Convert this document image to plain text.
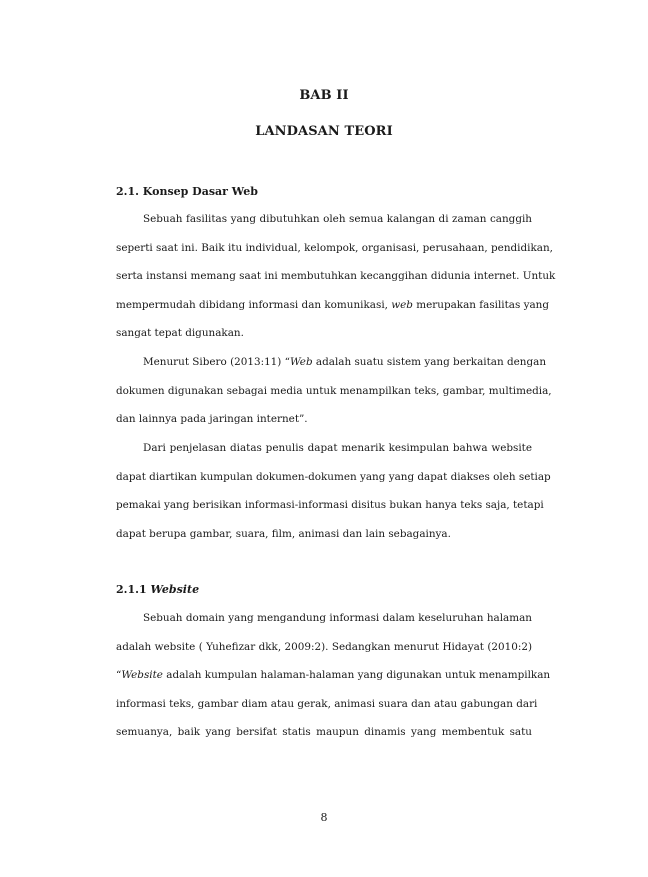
BAB II
LANDASAN TEORI
2.1. Konsep Dasar Web
Sebuah fasilitas yang dibutuhkan oleh semua kalangan di zaman canggih
seperti saat ini. Baik itu individual, kelompok, organisasi, perusahaan, pendidikan,
serta instansi memang saat ini membutuhkan kecanggihan didunia internet. Untuk
mempermudah dibidang informasi dan komunikasi, web merupakan fasilitas yang
sangat tepat digunakan.
Menurut Sibero (2013:11) “Web adalah suatu sistem yang berkaitan dengan
dokumen digunakan sebagai media untuk menampilkan teks, gambar, multimedia,
dan lainnya pada jaringan internet”.
Dari penjelasan diatas penulis dapat menarik kesimpulan bahwa website
dapat diartikan kumpulan dokumen-dokumen yang yang dapat diakses oleh setiap
pemakai yang berisikan informasi-informasi disitus bukan hanya teks saja, tetapi
dapat berupa gambar, suara, film, animasi dan lain sebagainya.
2.1.1 Website
Sebuah domain yang mengandung informasi dalam keseluruhan halaman
adalah website ( Yuhefizar dkk, 2009:2). Sedangkan menurut Hidayat (2010:2)
“Website adalah kumpulan halaman-halaman yang digunakan untuk menampilkan
informasi teks, gambar diam atau gerak, animasi suara dan atau gabungan dari
semuanya, baik yang bersifat statis maupun dinamis yang membentuk satu
8
